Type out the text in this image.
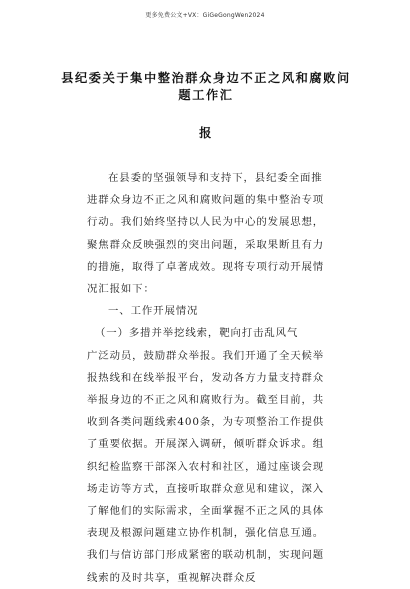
更多免费公文+VX：GiGeGongWen2024
县纪委关于集中整治群众身边不正之风和腐败问题工作汇
报

在县委的坚强领导和支持下，县纪委全面推进群众身边不正之风和腐败问题的集中整治专项行动。我们始终坚持以人民为中心的发展思想，聚焦群众反映强烈的突出问题，采取果断且有力的措施，取得了卓著成效。现将专项行动开展情况汇报如下：

一、工作开展情况

（一）多措并举挖线索，靶向打击乱风气

广泛动员，鼓励群众举报。我们开通了全天候举报热线和在线举报平台，发动各方力量支持群众举报身边的不正之风和腐败行为。截至目前，共收到各类问题线索400条，为专项整治工作提供了重要依据。开展深入调研，倾听群众诉求。组织纪检监察干部深入农村和社区，通过座谈会现场走访等方式，直接听取群众意见和建议，深入了解他们的实际需求，全面掌握不正之风的具体表现及根源问题建立协作机制，强化信息互通。我们与信访部门形成紧密的联动机制，实现问题线索的及时共享，重视解决群众反
